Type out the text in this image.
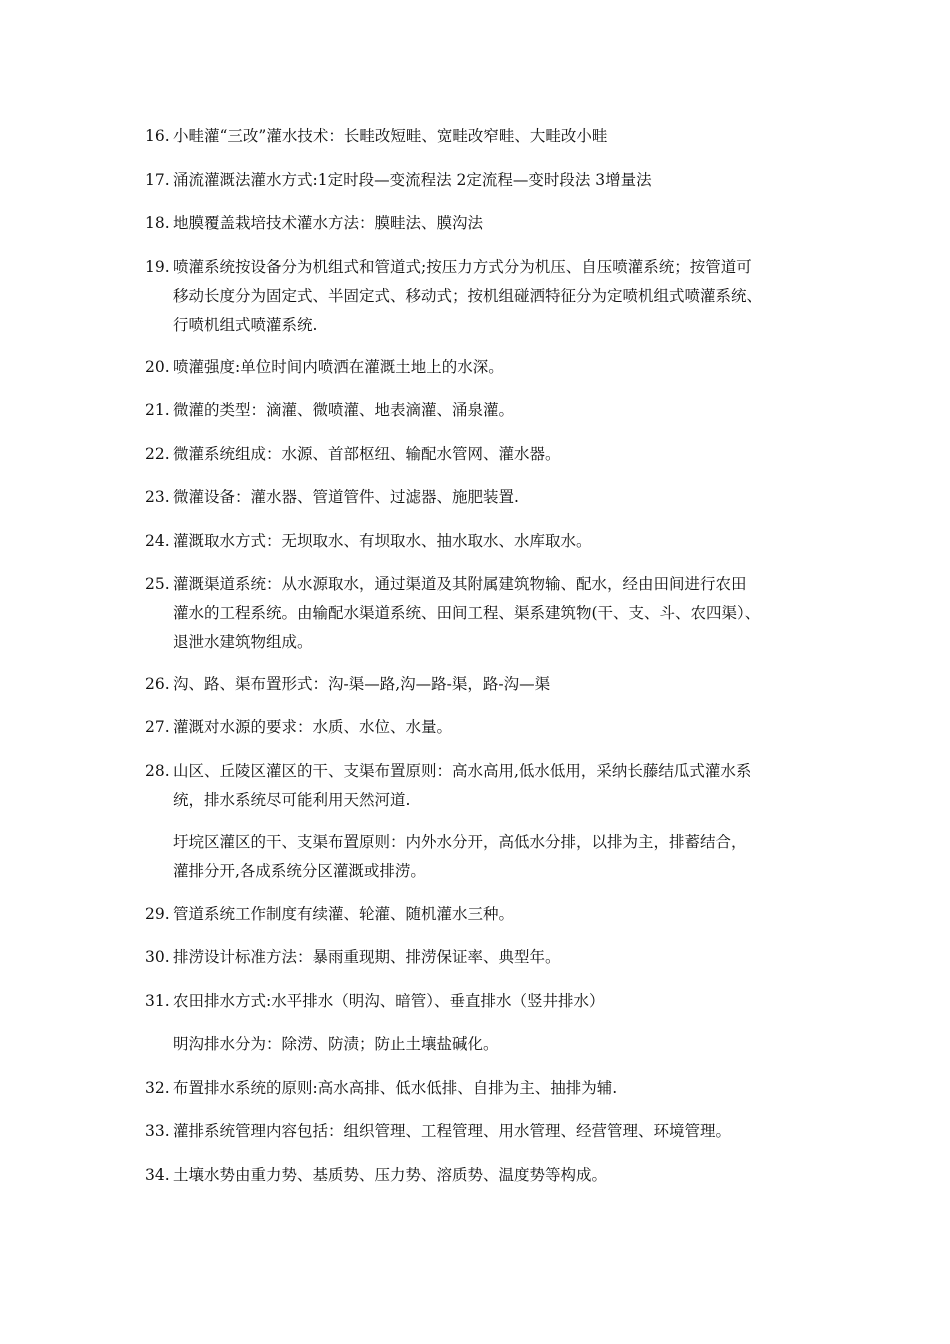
16. 小畦灌“三改”灌水技术：长畦改短畦、宽畦改窄畦、大畦改小畦
17. 涌流灌溉法灌水方式:1定时段—变流程法 2定流程—变时段法 3增量法
18. 地膜覆盖栽培技术灌水方法：膜畦法、膜沟法
19. 喷灌系统按设备分为机组式和管道式;按压力方式分为机压、自压喷灌系统；按管道可
移动长度分为固定式、半固定式、移动式；按机组碰洒特征分为定喷机组式喷灌系统、
行喷机组式喷灌系统.
20. 喷灌强度:单位时间内喷洒在灌溉土地上的水深。
21. 微灌的类型：滴灌、微喷灌、地表滴灌、涌泉灌。
22. 微灌系统组成：水源、首部枢纽、输配水管网、灌水器。
23. 微灌设备：灌水器、管道管件、过滤器、施肥装置.
24. 灌溉取水方式：无坝取水、有坝取水、抽水取水、水库取水。
25. 灌溉渠道系统：从水源取水，通过渠道及其附属建筑物输、配水，经由田间进行农田
灌水的工程系统。由输配水渠道系统、田间工程、渠系建筑物(干、支、斗、农四渠）、
退泄水建筑物组成。
26. 沟、路、渠布置形式：沟-渠—路,沟—路-渠，路-沟—渠
27. 灌溉对水源的要求：水质、水位、水量。
28. 山区、丘陵区灌区的干、支渠布置原则：高水高用,低水低用，采纳长藤结瓜式灌水系
统，排水系统尽可能利用天然河道.
圩垸区灌区的干、支渠布置原则：内外水分开，高低水分排，以排为主，排蓄结合，
灌排分开,各成系统分区灌溉或排涝。
29. 管道系统工作制度有续灌、轮灌、随机灌水三种。
30. 排涝设计标准方法：暴雨重现期、排涝保证率、典型年。
31. 农田排水方式:水平排水（明沟、暗管）、垂直排水（竖井排水）
明沟排水分为：除涝、防渍；防止土壤盐碱化。
32. 布置排水系统的原则:高水高排、低水低排、自排为主、抽排为辅.
33. 灌排系统管理内容包括：组织管理、工程管理、用水管理、经营管理、环境管理。
34. 土壤水势由重力势、基质势、压力势、溶质势、温度势等构成。
